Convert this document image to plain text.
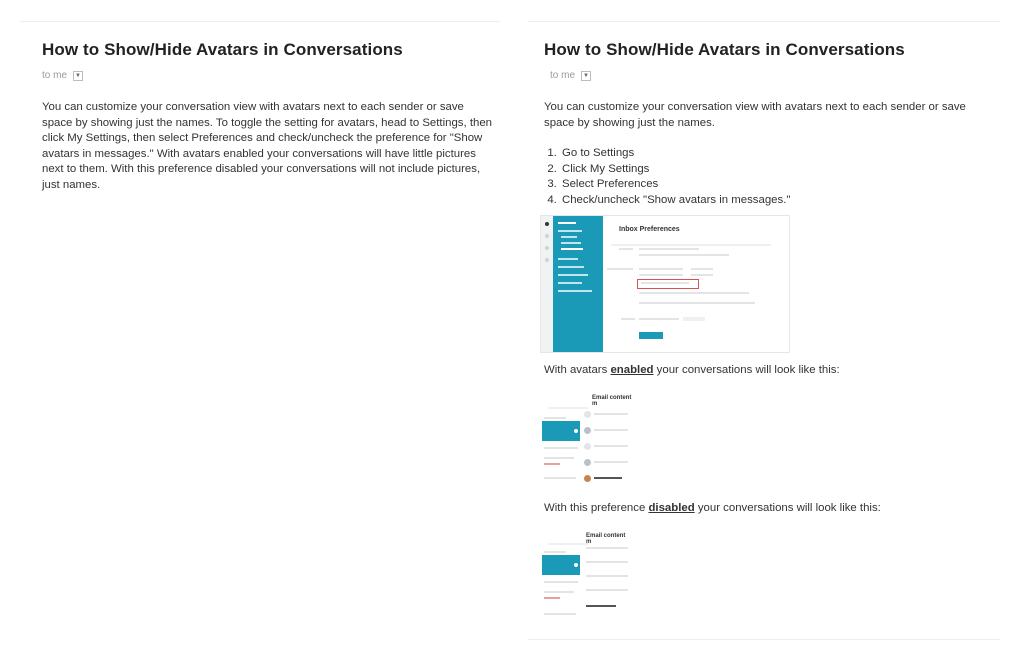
How to Show/Hide Avatars in Conversations
to me	▼
You can customize your conversation view with avatars next to each sender or save space by showing just the names. To toggle the setting for avatars, head to Settings, then click My Settings, then select Preferences and check/uncheck the preference for "Show avatars in messages." With avatars enabled your conversations will have little pictures next to them. With this preference disabled your conversations will not include pictures, just names.
How to Show/Hide Avatars in Conversations
to me	▼
You can customize your conversation view with avatars next to each sender or save space by showing just the names.
1. Go to Settings
2. Click My Settings
3. Select Preferences
4. Check/uncheck "Show avatars in messages."
Inbox Preferences
With avatars enabled your conversations will look like this:
Email content m
With this preference disabled your conversations will look like this:
Email content m
